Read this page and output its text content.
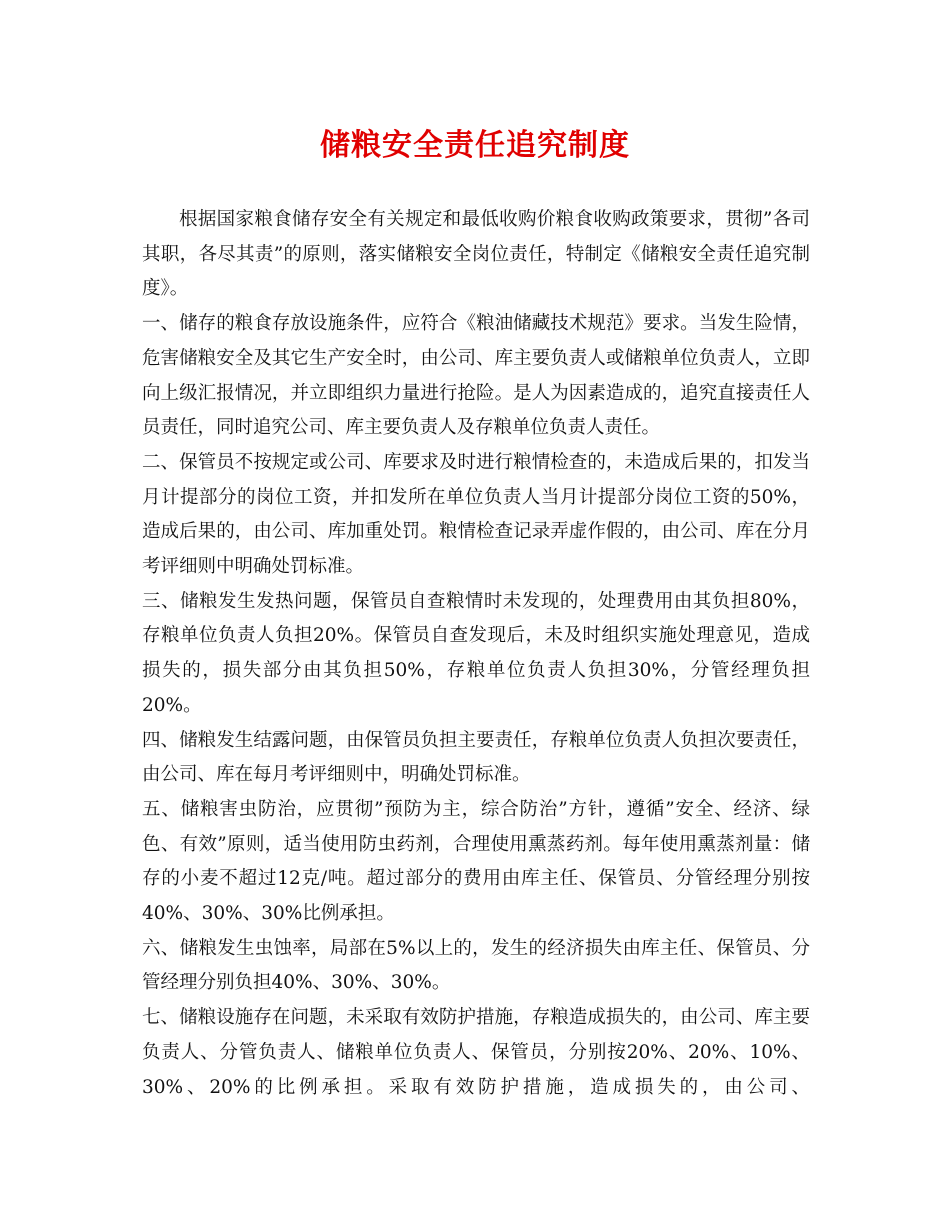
储粮安全责任追究制度

根据国家粮食储存安全有关规定和最低收购价粮食收购政策要求，贯彻”各司其职，各尽其责”的原则，落实储粮安全岗位责任，特制定《储粮安全责任追究制度》。

一、储存的粮食存放设施条件，应符合《粮油储藏技术规范》要求。当发生险情，危害储粮安全及其它生产安全时，由公司、库主要负责人或储粮单位负责人，立即向上级汇报情况，并立即组织力量进行抢险。是人为因素造成的，追究直接责任人员责任，同时追究公司、库主要负责人及存粮单位负责人责任。

二、保管员不按规定或公司、库要求及时进行粮情检查的，未造成后果的，扣发当月计提部分的岗位工资，并扣发所在单位负责人当月计提部分岗位工资的50%，造成后果的，由公司、库加重处罚。粮情检查记录弄虚作假的，由公司、库在分月考评细则中明确处罚标准。

三、储粮发生发热问题，保管员自查粮情时未发现的，处理费用由其负担80%，存粮单位负责人负担20%。保管员自查发现后，未及时组织实施处理意见，造成损失的，损失部分由其负担50%，存粮单位负责人负担30%，分管经理负担20%。

四、储粮发生结露问题，由保管员负担主要责任，存粮单位负责人负担次要责任，由公司、库在每月考评细则中，明确处罚标准。

五、储粮害虫防治，应贯彻”预防为主，综合防治”方针，遵循”安全、经济、绿色、有效”原则，适当使用防虫药剂，合理使用熏蒸药剂。每年使用熏蒸剂量：储存的小麦不超过12克/吨。超过部分的费用由库主任、保管员、分管经理分别按40%、30%、30%比例承担。

六、储粮发生虫蚀率，局部在5%以上的，发生的经济损失由库主任、保管员、分管经理分别负担40%、30%、30%。

七、储粮设施存在问题，未采取有效防护措施，存粮造成损失的，由公司、库主要负责人、分管负责人、储粮单位负责人、保管员，分别按20%、20%、10%、30%、20%的比例承担。采取有效防护措施，造成损失的，由公司、
